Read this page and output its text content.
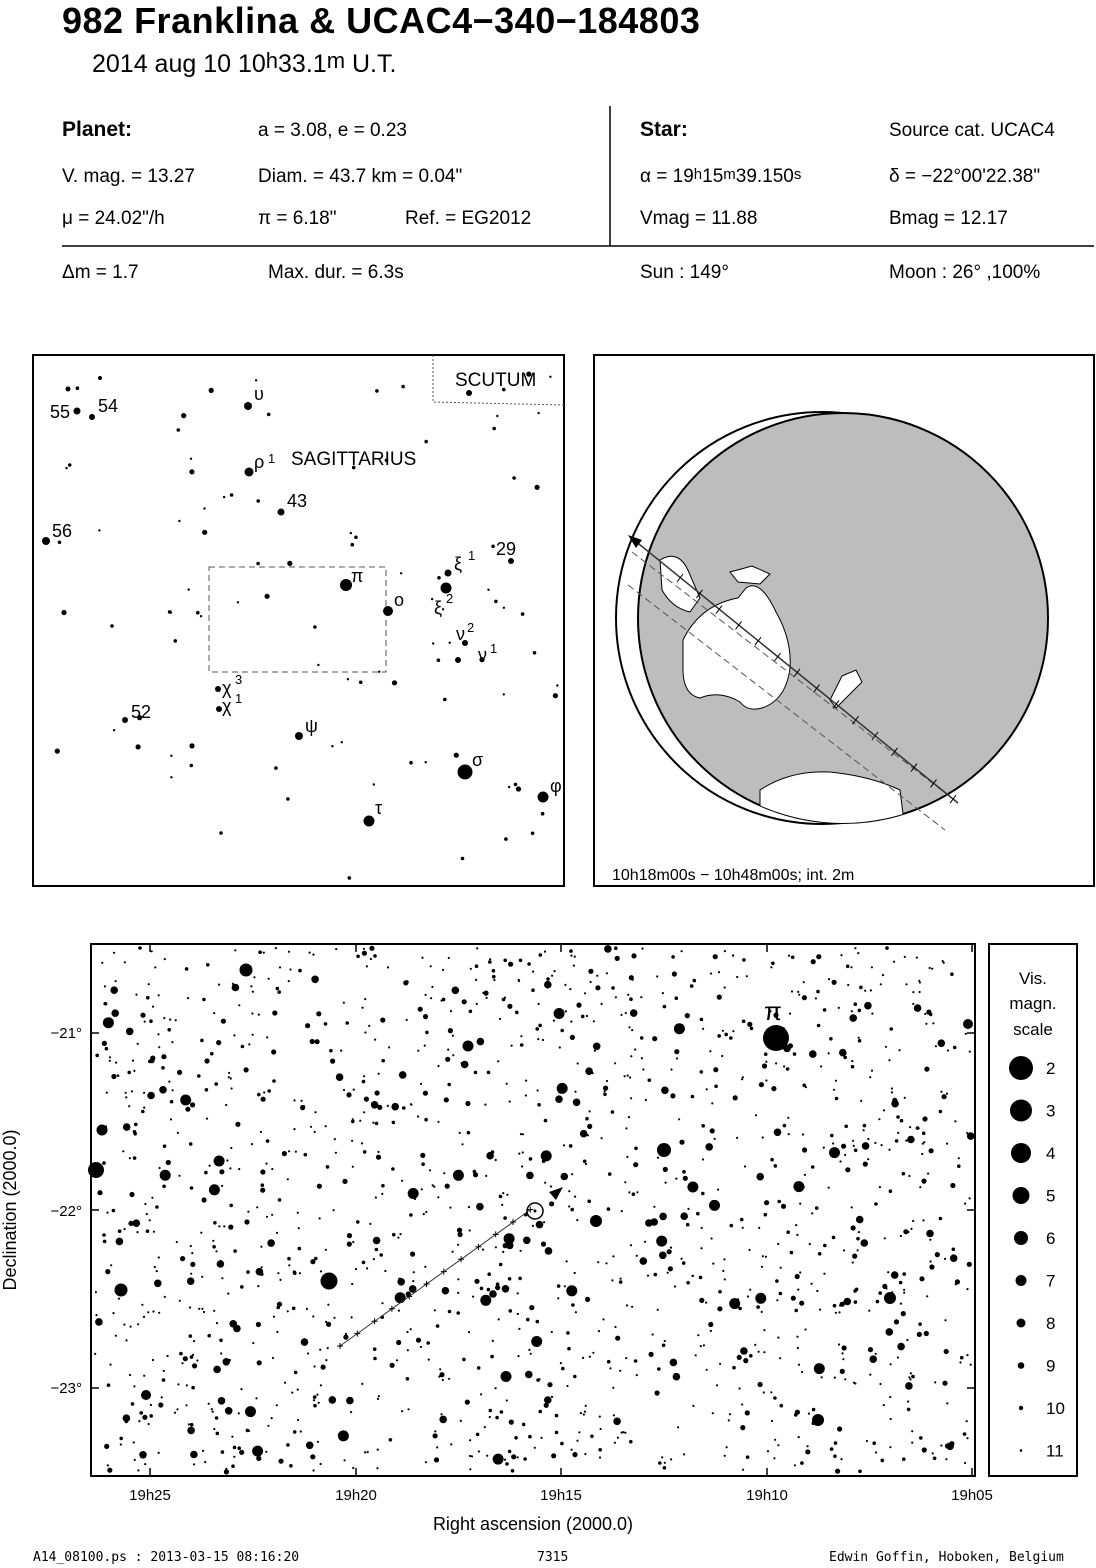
982 Franklina & UCAC4−340−184803
2014 aug 10 10$^h$33.1$^m$ U.T.
Planet:	a = 3.08, e = 0.23
V. mag. = 13.27	Diam. = 43.7 km = 0.04"
μ = 24.02"/h	π = 6.18"	Ref. = EG2012
Star:	Source cat. UCAC4
$\alpha = 19^h15^m39.150^s$	δ = −22°00'22.38"
Vmag = 11.88	Bmag = 12.17
Δm = 1.7	Max. dur. = 6.3s	Sun : 149°	Moon : 26° ,100%
SCUTUM
SAGITTARIUS
55 54
υ
ρ 1
43
56
29
ξ 1
π
ο ξ 2
ν 2
ν 1
χ 3
χ 1
52
ψ
σ
φ
τ
10h18m00s − 10h48m00s; int. 2m
π
19h25	19h20	19h15	19h10	19h05
−21°
−22°
−23°
Right ascension (2000.0)
Declination (2000.0)
Vis.
magn.
scale
2
3
4
5
6
7
8
9
10
11
A14_08100.ps : 2013-03-15 08:16:20	7315	Edwin Goffin, Hoboken, Belgium
